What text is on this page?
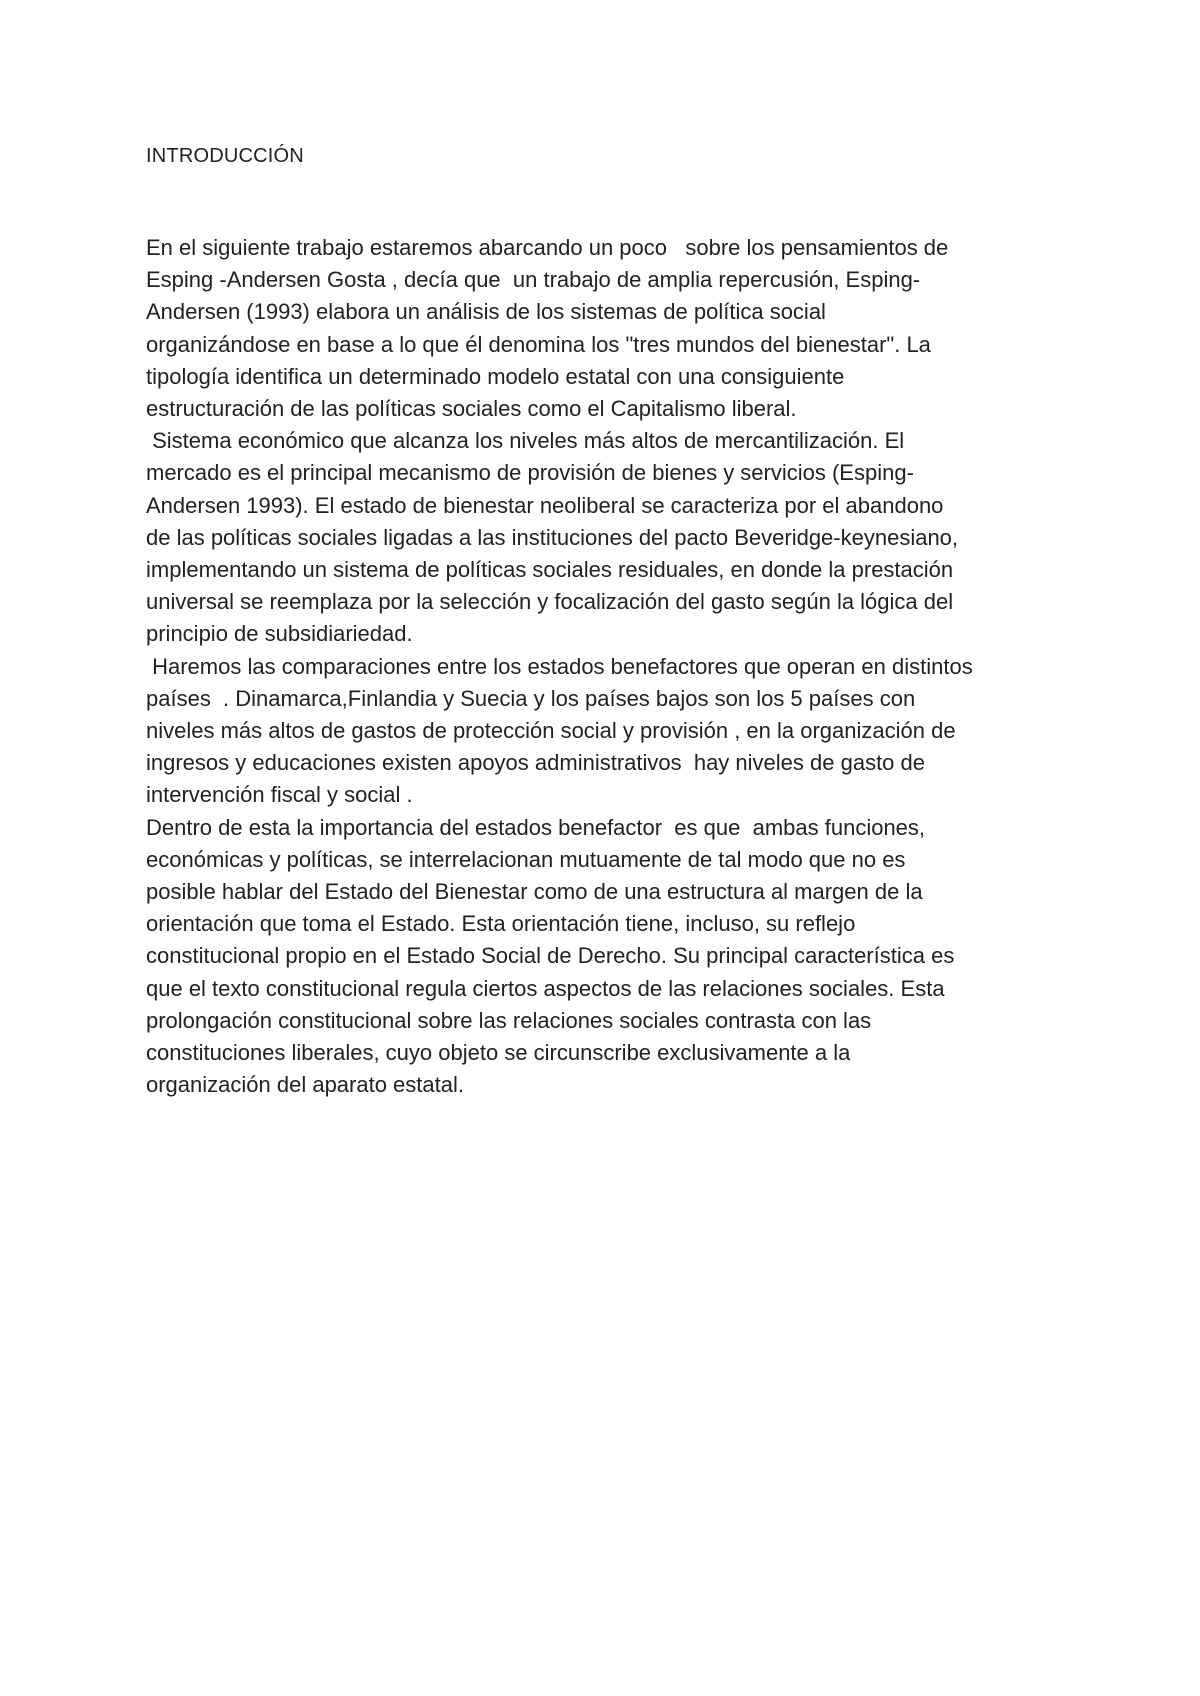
INTRODUCCIÓN
En el siguiente trabajo estaremos abarcando un poco   sobre los pensamientos de
Esping -Andersen Gosta , decía que  un trabajo de amplia repercusión, Esping-
Andersen (1993) elabora un análisis de los sistemas de política social
organizándose en base a lo que él denomina los "tres mundos del bienestar". La
tipología identifica un determinado modelo estatal con una consiguiente
estructuración de las políticas sociales como el Capitalismo liberal.
Sistema económico que alcanza los niveles más altos de mercantilización. El
mercado es el principal mecanismo de provisión de bienes y servicios (Esping-
Andersen 1993). El estado de bienestar neoliberal se caracteriza por el abandono
de las políticas sociales ligadas a las instituciones del pacto Beveridge-keynesiano,
implementando un sistema de políticas sociales residuales, en donde la prestación
universal se reemplaza por la selección y focalización del gasto según la lógica del
principio de subsidiariedad.
Haremos las comparaciones entre los estados benefactores que operan en distintos
países  . Dinamarca,Finlandia y Suecia y los países bajos son los 5 países con
niveles más altos de gastos de protección social y provisión , en la organización de
ingresos y educaciones existen apoyos administrativos  hay niveles de gasto de
intervención fiscal y social .
Dentro de esta la importancia del estados benefactor  es que  ambas funciones,
económicas y políticas, se interrelacionan mutuamente de tal modo que no es
posible hablar del Estado del Bienestar como de una estructura al margen de la
orientación que toma el Estado. Esta orientación tiene, incluso, su reflejo
constitucional propio en el Estado Social de Derecho. Su principal característica es
que el texto constitucional regula ciertos aspectos de las relaciones sociales. Esta
prolongación constitucional sobre las relaciones sociales contrasta con las
constituciones liberales, cuyo objeto se circunscribe exclusivamente a la
organización del aparato estatal.
